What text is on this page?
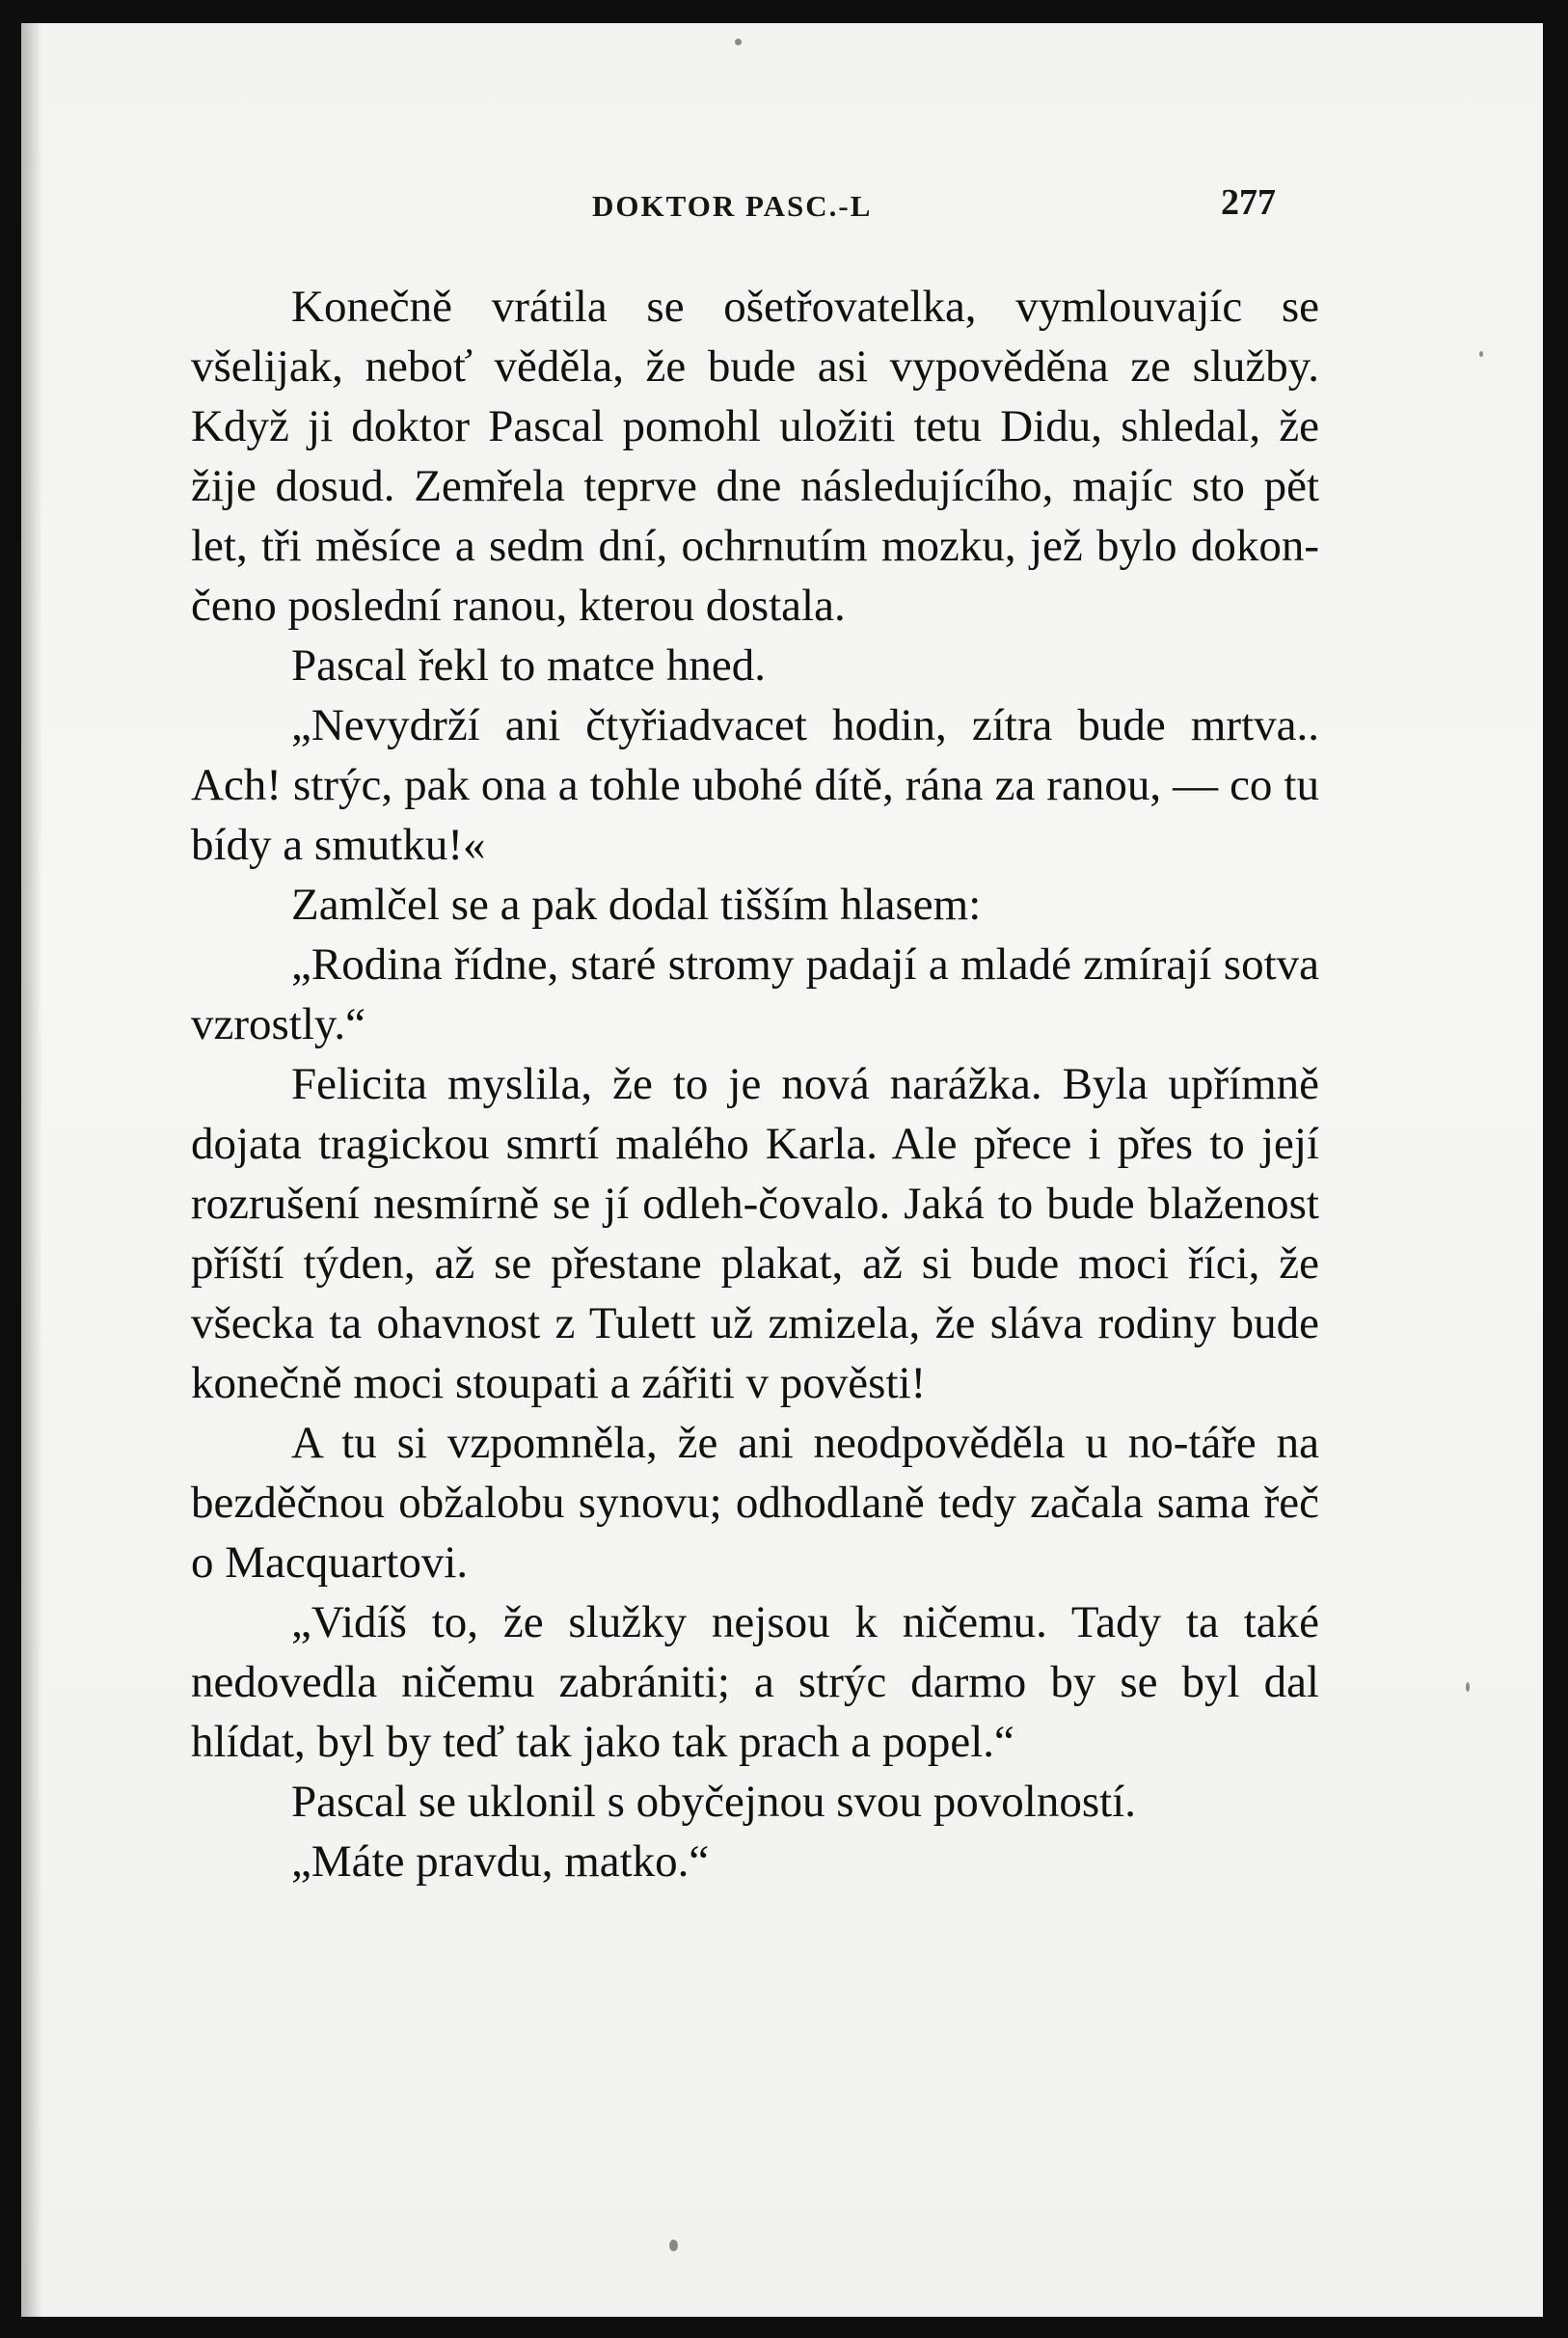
DOKTOR PASC.-L	277

Konečně vrátila se ošetřovatelka, vymlouvajíc se všelijak, neboť věděla, že bude asi vypověděna ze služby. Když ji doktor Pascal pomohl uložiti tetu Didu, shledal, že žije dosud. Zemřela teprve dne následujícího, majíc sto pět let, tři měsíce a sedm dní, ochrnutím mozku, jež bylo dokon-čeno poslední ranou, kterou dostala.

Pascal řekl to matce hned.

„Nevydrží ani čtyřiadvacet hodin, zítra bude mrtva.. Ach! strýc, pak ona a tohle ubohé dítě, rána za ranou, — co tu bídy a smutku!«

Zamlčel se a pak dodal tišším hlasem:

„Rodina řídne, staré stromy padají a mladé zmírají sotva vzrostly.“

Felicita myslila, že to je nová narážka. Byla upřímně dojata tragickou smrtí malého Karla. Ale přece i přes to její rozrušení nesmírně se jí odleh-čovalo. Jaká to bude blaženost příští týden, až se přestane plakat, až si bude moci říci, že všecka ta ohavnost z Tulett už zmizela, že sláva rodiny bude konečně moci stoupati a zářiti v pověsti!

A tu si vzpomněla, že ani neodpověděla u no-táře na bezděčnou obžalobu synovu; odhodlaně tedy začala sama řeč o Macquartovi.

„Vidíš to, že služky nejsou k ničemu. Tady ta také nedovedla ničemu zabrániti; a strýc darmo by se byl dal hlídat, byl by teď tak jako tak prach a popel.“

Pascal se uklonil s obyčejnou svou povolností.

„Máte pravdu, matko.“
